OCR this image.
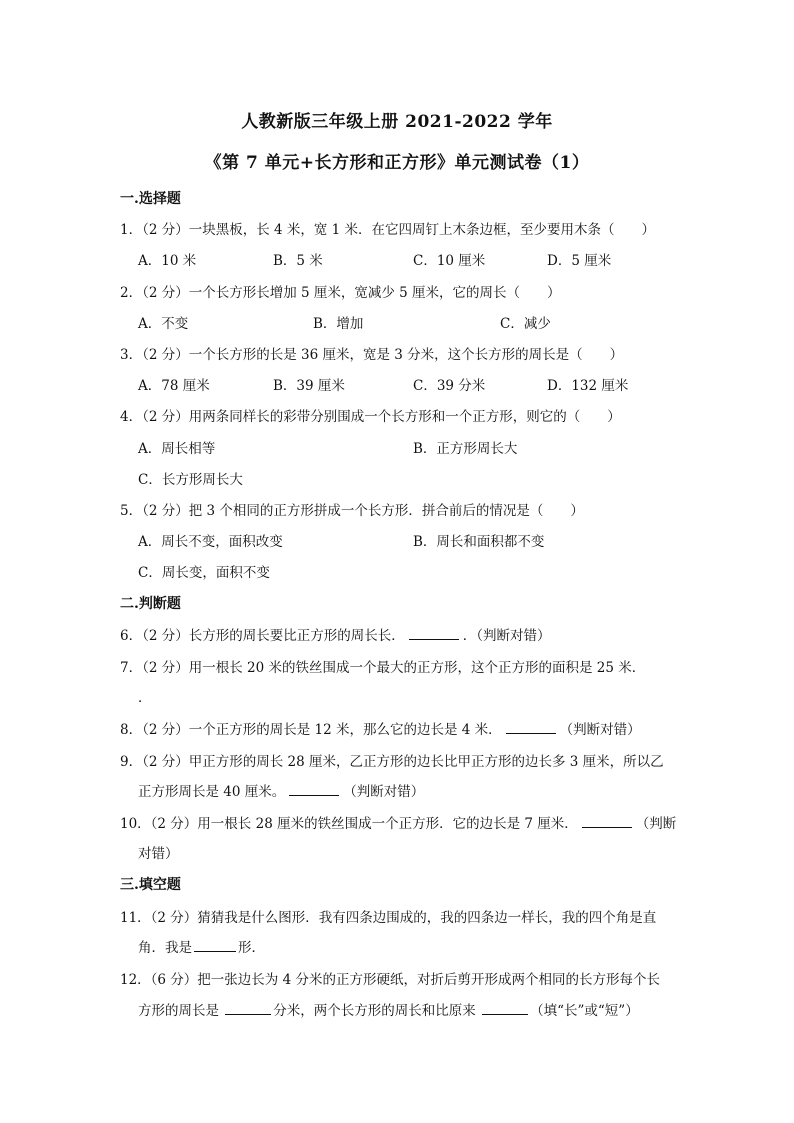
人教新版三年级上册 2021-2022 学年
《第 7 单元+长方形和正方形》单元测试卷（1）
一.选择题
1．（2 分）一块黑板，长 4 米，宽 1 米．在它四周钉上木条边框，至少要用木条（　　）
A．10 米	B．5 米	C．10 厘米	D．5 厘米
2．（2 分）一个长方形长增加 5 厘米，宽减少 5 厘米，它的周长（　　）
A．不变	B．增加	C．减少
3．（2 分）一个长方形的长是 36 厘米，宽是 3 分米，这个长方形的周长是（　　）
A．78 厘米	B．39 厘米	C．39 分米	D．132 厘米
4．（2 分）用两条同样长的彩带分别围成一个长方形和一个正方形，则它的（　　）
A．周长相等	B．正方形周长大
C．长方形周长大
5．（2 分）把 3 个相同的正方形拼成一个长方形．拼合前后的情况是（　　）
A．周长不变，面积改变	B．周长和面积都不变
C．周长变，面积不变
二.判断题
6．（2 分）长方形的周长要比正方形的周长长．	．（判断对错）
7．（2 分）用一根长 20 米的铁丝围成一个最大的正方形，这个正方形的面积是 25 米．
．
8．（2 分）一个正方形的周长是 12 米，那么它的边长是 4 米．	（判断对错）
9．（2 分）甲正方形的周长 28 厘米，乙正方形的边长比甲正方形的边长多 3 厘米，所以乙
正方形周长是 40 厘米。	（判断对错）
10．（2 分）用一根长 28 厘米的铁丝围成一个正方形．它的边长是 7 厘米．	（判断
对错）
三.填空题
11．（2 分）猜猜我是什么图形．我有四条边围成的，我的四条边一样长，我的四个角是直
角．我是	形．
12．（6 分）把一张边长为 4 分米的正方形硬纸，对折后剪开形成两个相同的长方形每个长
方形的周长是	分米，两个长方形的周长和比原来	（填“长”或“短”）
